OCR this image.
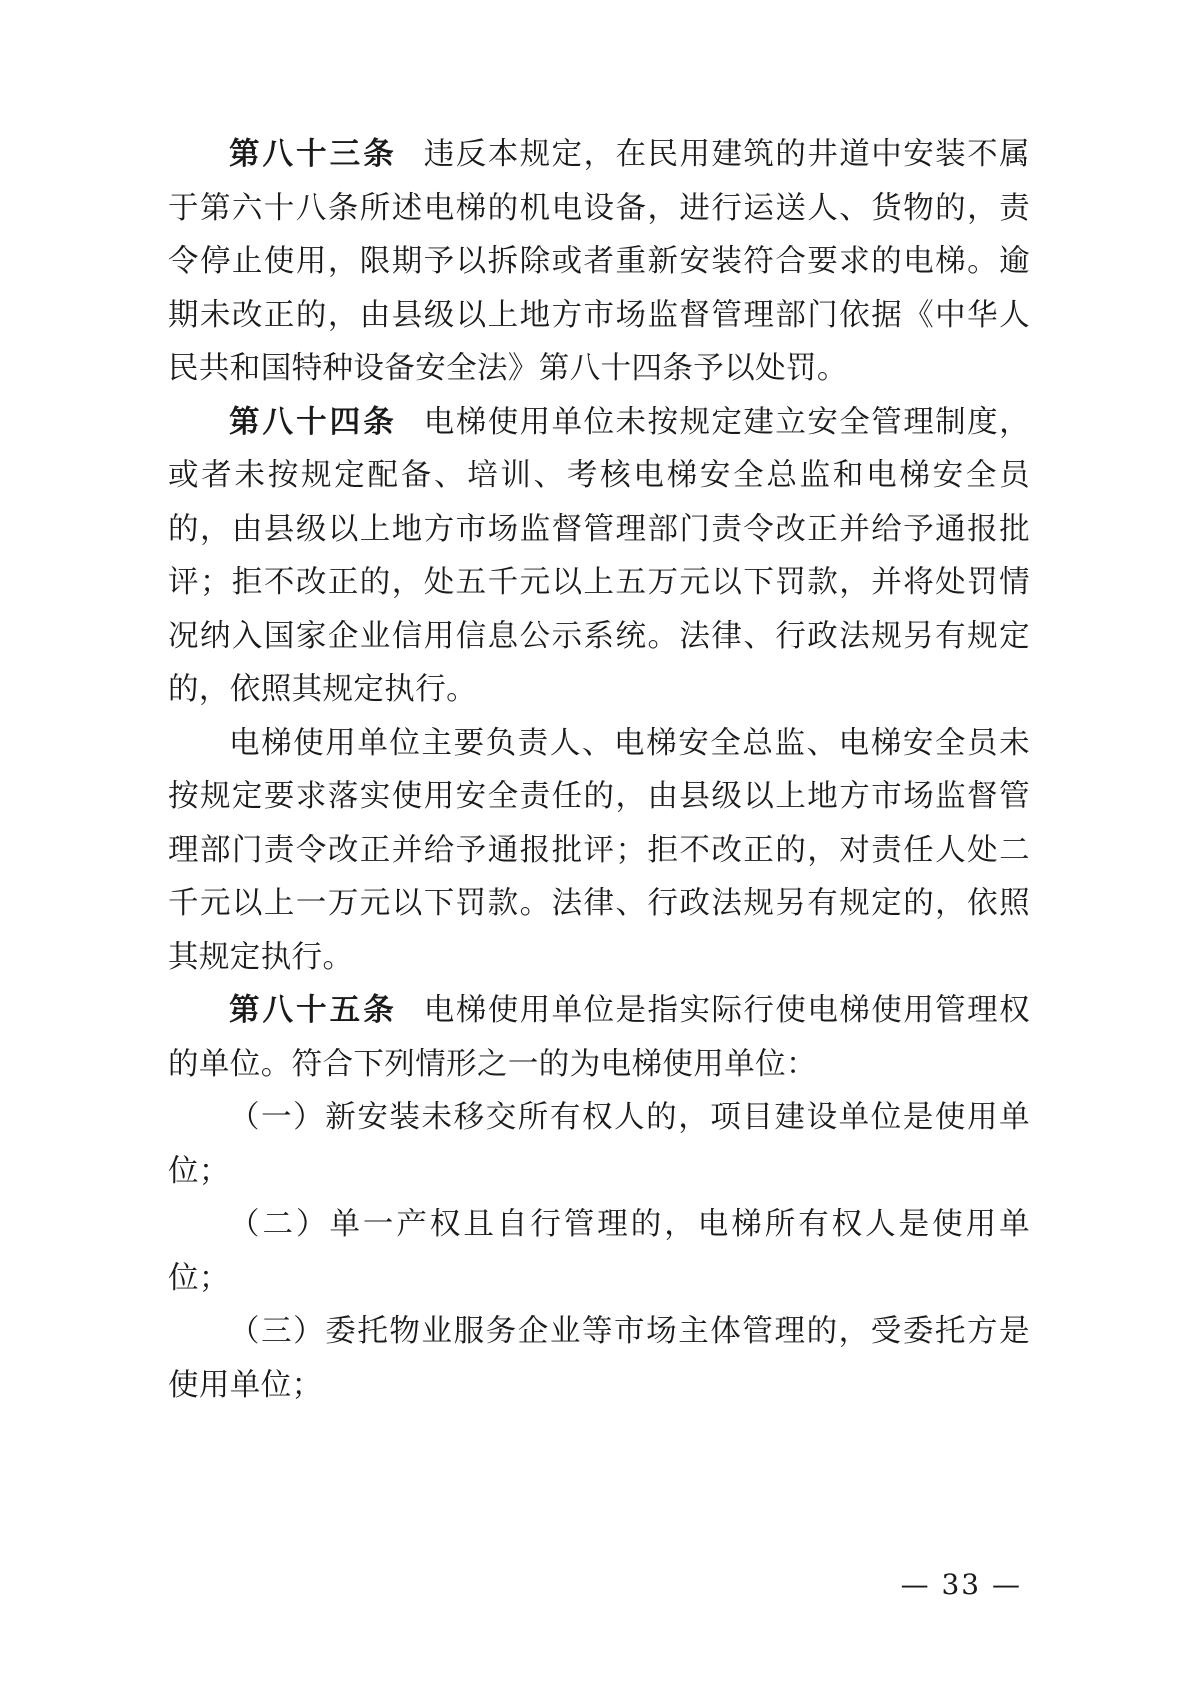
第八十三条 违反本规定，在民用建筑的井道中安装不属于第六十八条所述电梯的机电设备，进行运送人、货物的，责令停止使用，限期予以拆除或者重新安装符合要求的电梯。逾期未改正的，由县级以上地方市场监督管理部门依据《中华人民共和国特种设备安全法》第八十四条予以处罚。

第八十四条 电梯使用单位未按规定建立安全管理制度，或者未按规定配备、培训、考核电梯安全总监和电梯安全员的，由县级以上地方市场监督管理部门责令改正并给予通报批评；拒不改正的，处五千元以上五万元以下罚款，并将处罚情况纳入国家企业信用信息公示系统。法律、行政法规另有规定的，依照其规定执行。

电梯使用单位主要负责人、电梯安全总监、电梯安全员未按规定要求落实使用安全责任的，由县级以上地方市场监督管理部门责令改正并给予通报批评；拒不改正的，对责任人处二千元以上一万元以下罚款。法律、行政法规另有规定的，依照其规定执行。

第八十五条 电梯使用单位是指实际行使电梯使用管理权的单位。符合下列情形之一的为电梯使用单位：

（一）新安装未移交所有权人的，项目建设单位是使用单位；

（二）单一产权且自行管理的，电梯所有权人是使用单位；

（三）委托物业服务企业等市场主体管理的，受委托方是使用单位；

— 33 —
